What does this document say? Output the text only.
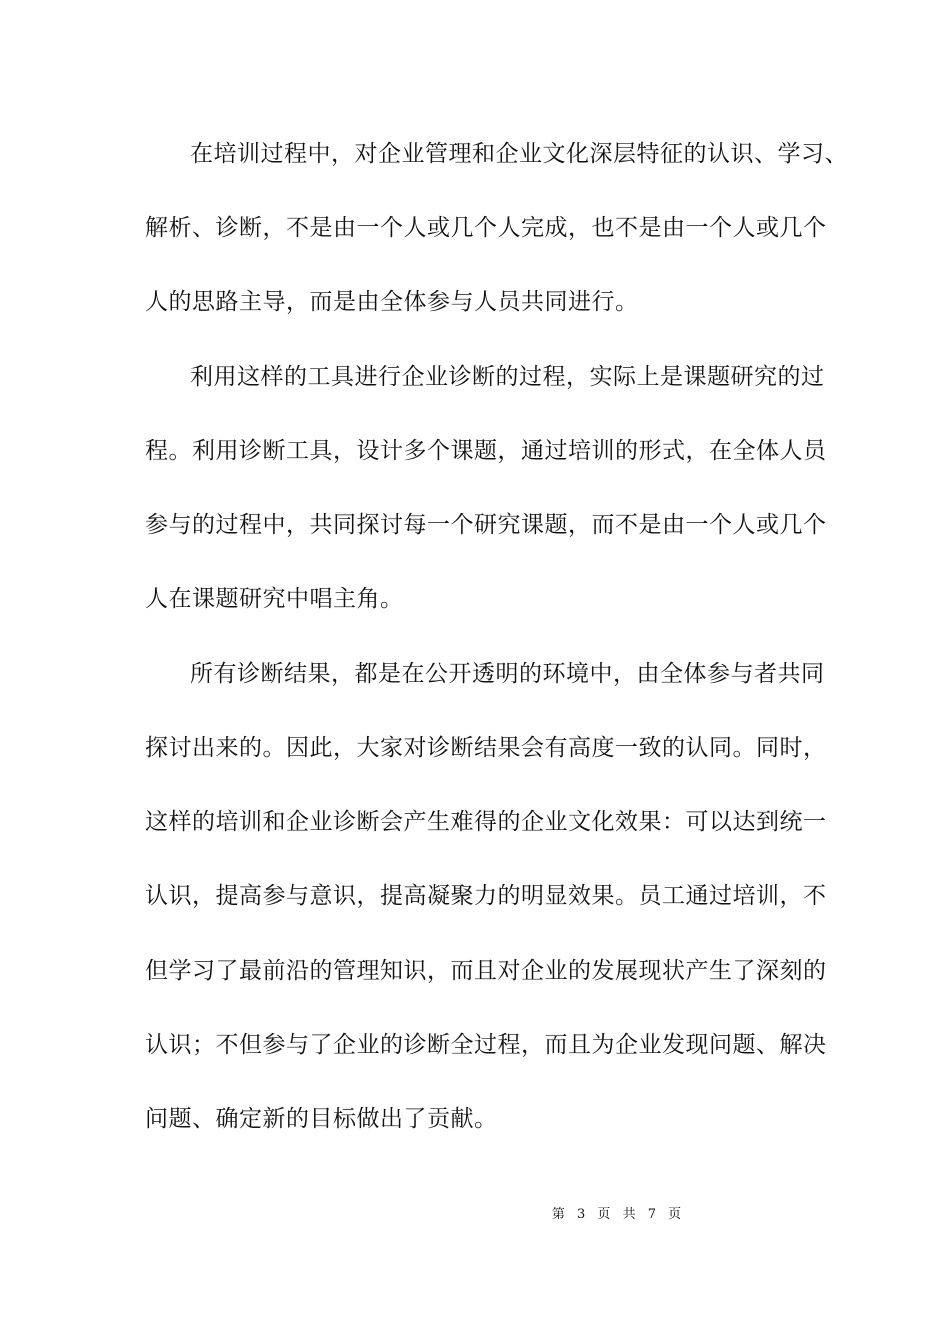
在培训过程中，对企业管理和企业文化深层特征的认识、学习、
解析、诊断，不是由一个人或几个人完成，也不是由一个人或几个
人的思路主导，而是由全体参与人员共同进行。
利用这样的工具进行企业诊断的过程，实际上是课题研究的过
程。利用诊断工具，设计多个课题，通过培训的形式，在全体人员
参与的过程中，共同探讨每一个研究课题，而不是由一个人或几个
人在课题研究中唱主角。
所有诊断结果，都是在公开透明的环境中，由全体参与者共同
探讨出来的。因此，大家对诊断结果会有高度一致的认同。同时，
这样的培训和企业诊断会产生难得的企业文化效果：可以达到统一
认识，提高参与意识，提高凝聚力的明显效果。员工通过培训，不
但学习了最前沿的管理知识，而且对企业的发展现状产生了深刻的
认识；不但参与了企业的诊断全过程，而且为企业发现问题、解决
问题、确定新的目标做出了贡献。
第 3 页 共 7 页
